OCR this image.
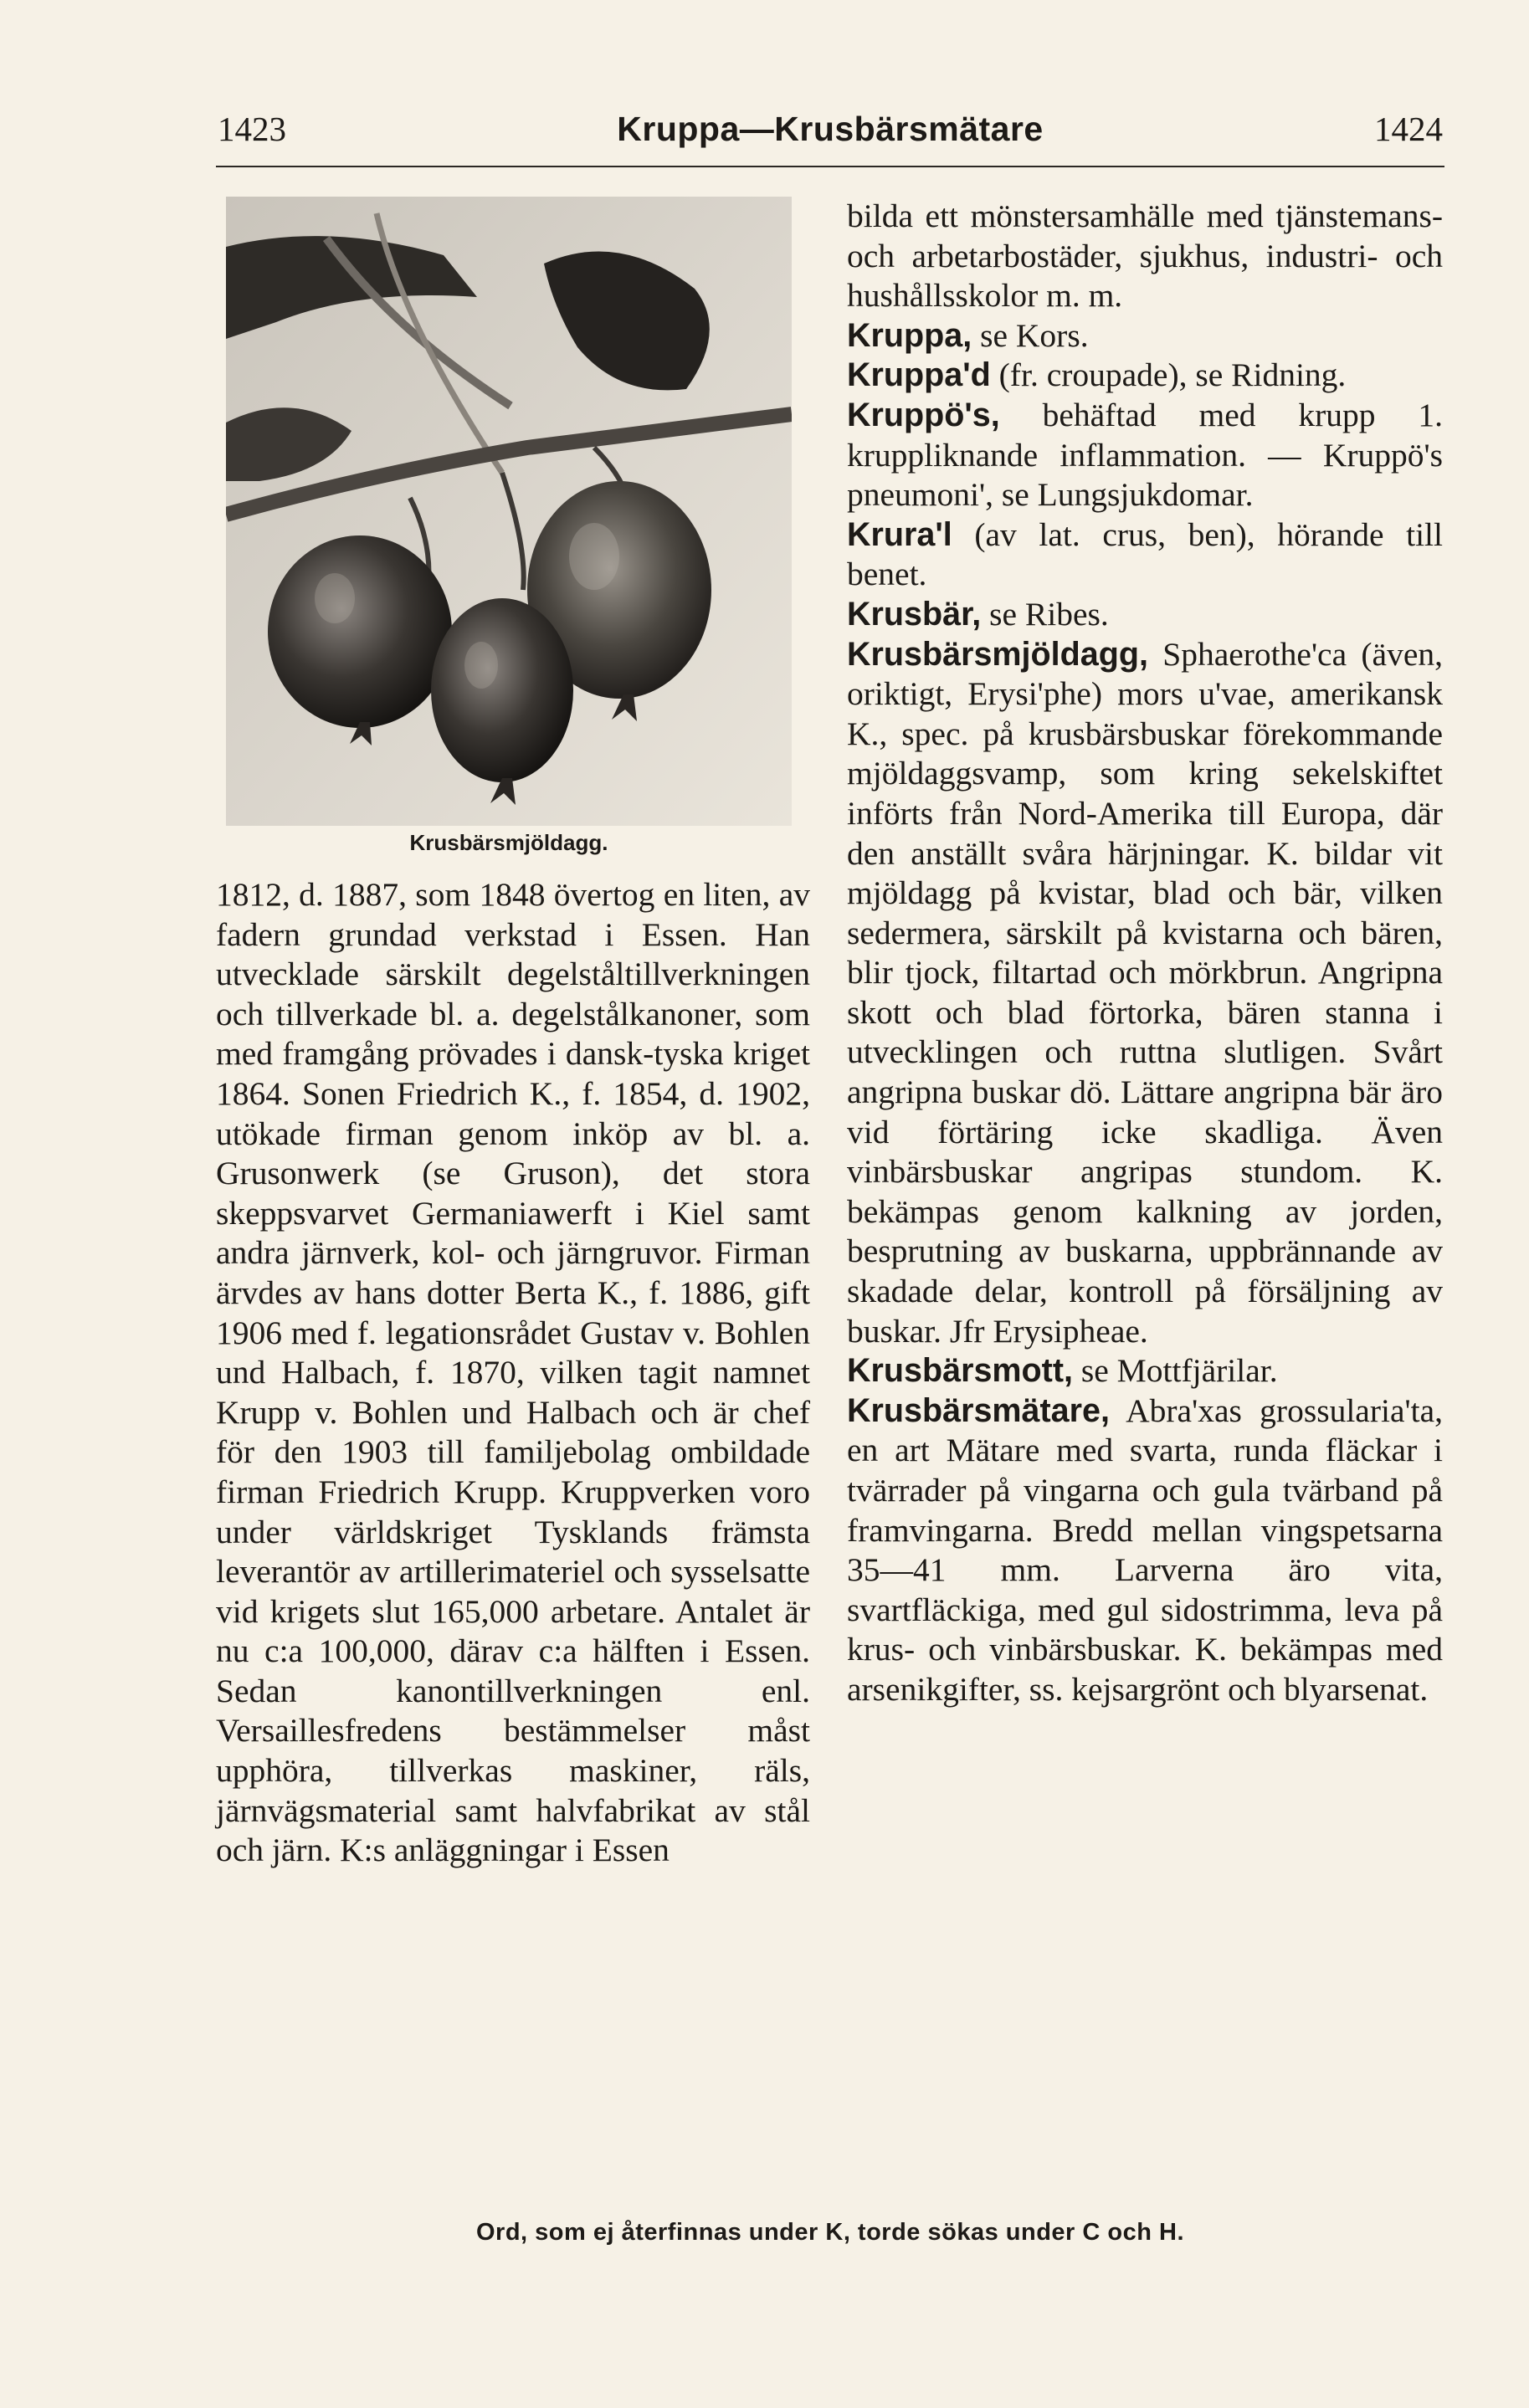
1423	Kruppa—Krusbärsmätare	1424
Krusbärsmjöldagg.

1812, d. 1887, som 1848 övertog en liten, av fadern grundad verkstad i Essen. Han utvecklade särskilt degelståltillverkningen och tillverkade bl. a. degelstålkanoner, som med framgång prövades i dansk-tyska kriget 1864. Sonen Friedrich K., f. 1854, d. 1902, utökade firman genom inköp av bl. a. Grusonwerk (se Gruson), det stora skeppsvarvet Germaniawerft i Kiel samt andra järnverk, kol- och järngruvor. Firman ärvdes av hans dotter Berta K., f. 1886, gift 1906 med f. legationsrådet Gustav v. Bohlen und Halbach, f. 1870, vilken tagit namnet Krupp v. Bohlen und Halbach och är chef för den 1903 till familjebolag ombildade firman Friedrich Krupp. Kruppverken voro under världskriget Tysklands främsta leverantör av artillerimateriel och sysselsatte vid krigets slut 165,000 arbetare. Antalet är nu c:a 100,000, därav c:a hälften i Essen. Sedan kanontillverkningen enl. Versaillesfredens bestämmelser måst upphöra, tillverkas maskiner, räls, järnvägsmaterial samt halvfabrikat av stål och järn. K:s anläggningar i Essen

bilda ett mönstersamhälle med tjänstemans- och arbetarbostäder, sjukhus, industri- och hushållsskolor m. m.

Kruppa, se Kors.

Kruppa'd (fr. croupade), se Ridning.

Kruppö's, behäftad med krupp 1. kruppliknande inflammation. — Kruppö's pneumoni', se Lungsjukdomar.

Krura'l (av lat. crus, ben), hörande till benet.

Krusbär, se Ribes.

Krusbärsmjöldagg, Sphaerothe'ca (även, oriktigt, Erysi'phe) mors u'vae, amerikansk K., spec. på krusbärsbuskar förekommande mjöldaggsvamp, som kring sekelskiftet införts från Nord-Amerika till Europa, där den anställt svåra härjningar. K. bildar vit mjöldagg på kvistar, blad och bär, vilken sedermera, särskilt på kvistarna och bären, blir tjock, filtartad och mörkbrun. Angripna skott och blad förtorka, bären stanna i utvecklingen och ruttna slutligen. Svårt angripna buskar dö. Lättare angripna bär äro vid förtäring icke skadliga. Även vinbärsbuskar angripas stundom. K. bekämpas genom kalkning av jorden, besprutning av buskarna, uppbrännande av skadade delar, kontroll på försäljning av buskar. Jfr Erysipheae.

Krusbärsmott, se Mottfjärilar.

Krusbärsmätare, Abra'xas grossularia'ta, en art Mätare med svarta, runda fläckar i tvärrader på vingarna och gula tvärband på framvingarna. Bredd mellan vingspetsarna 35—41 mm. Larverna äro vita, svartfläckiga, med gul sidostrimma, leva på krus- och vinbärsbuskar. K. bekämpas med arsenikgifter, ss. kejsargrönt och blyarsenat.

Ord, som ej återfinnas under K, torde sökas under C och H.
